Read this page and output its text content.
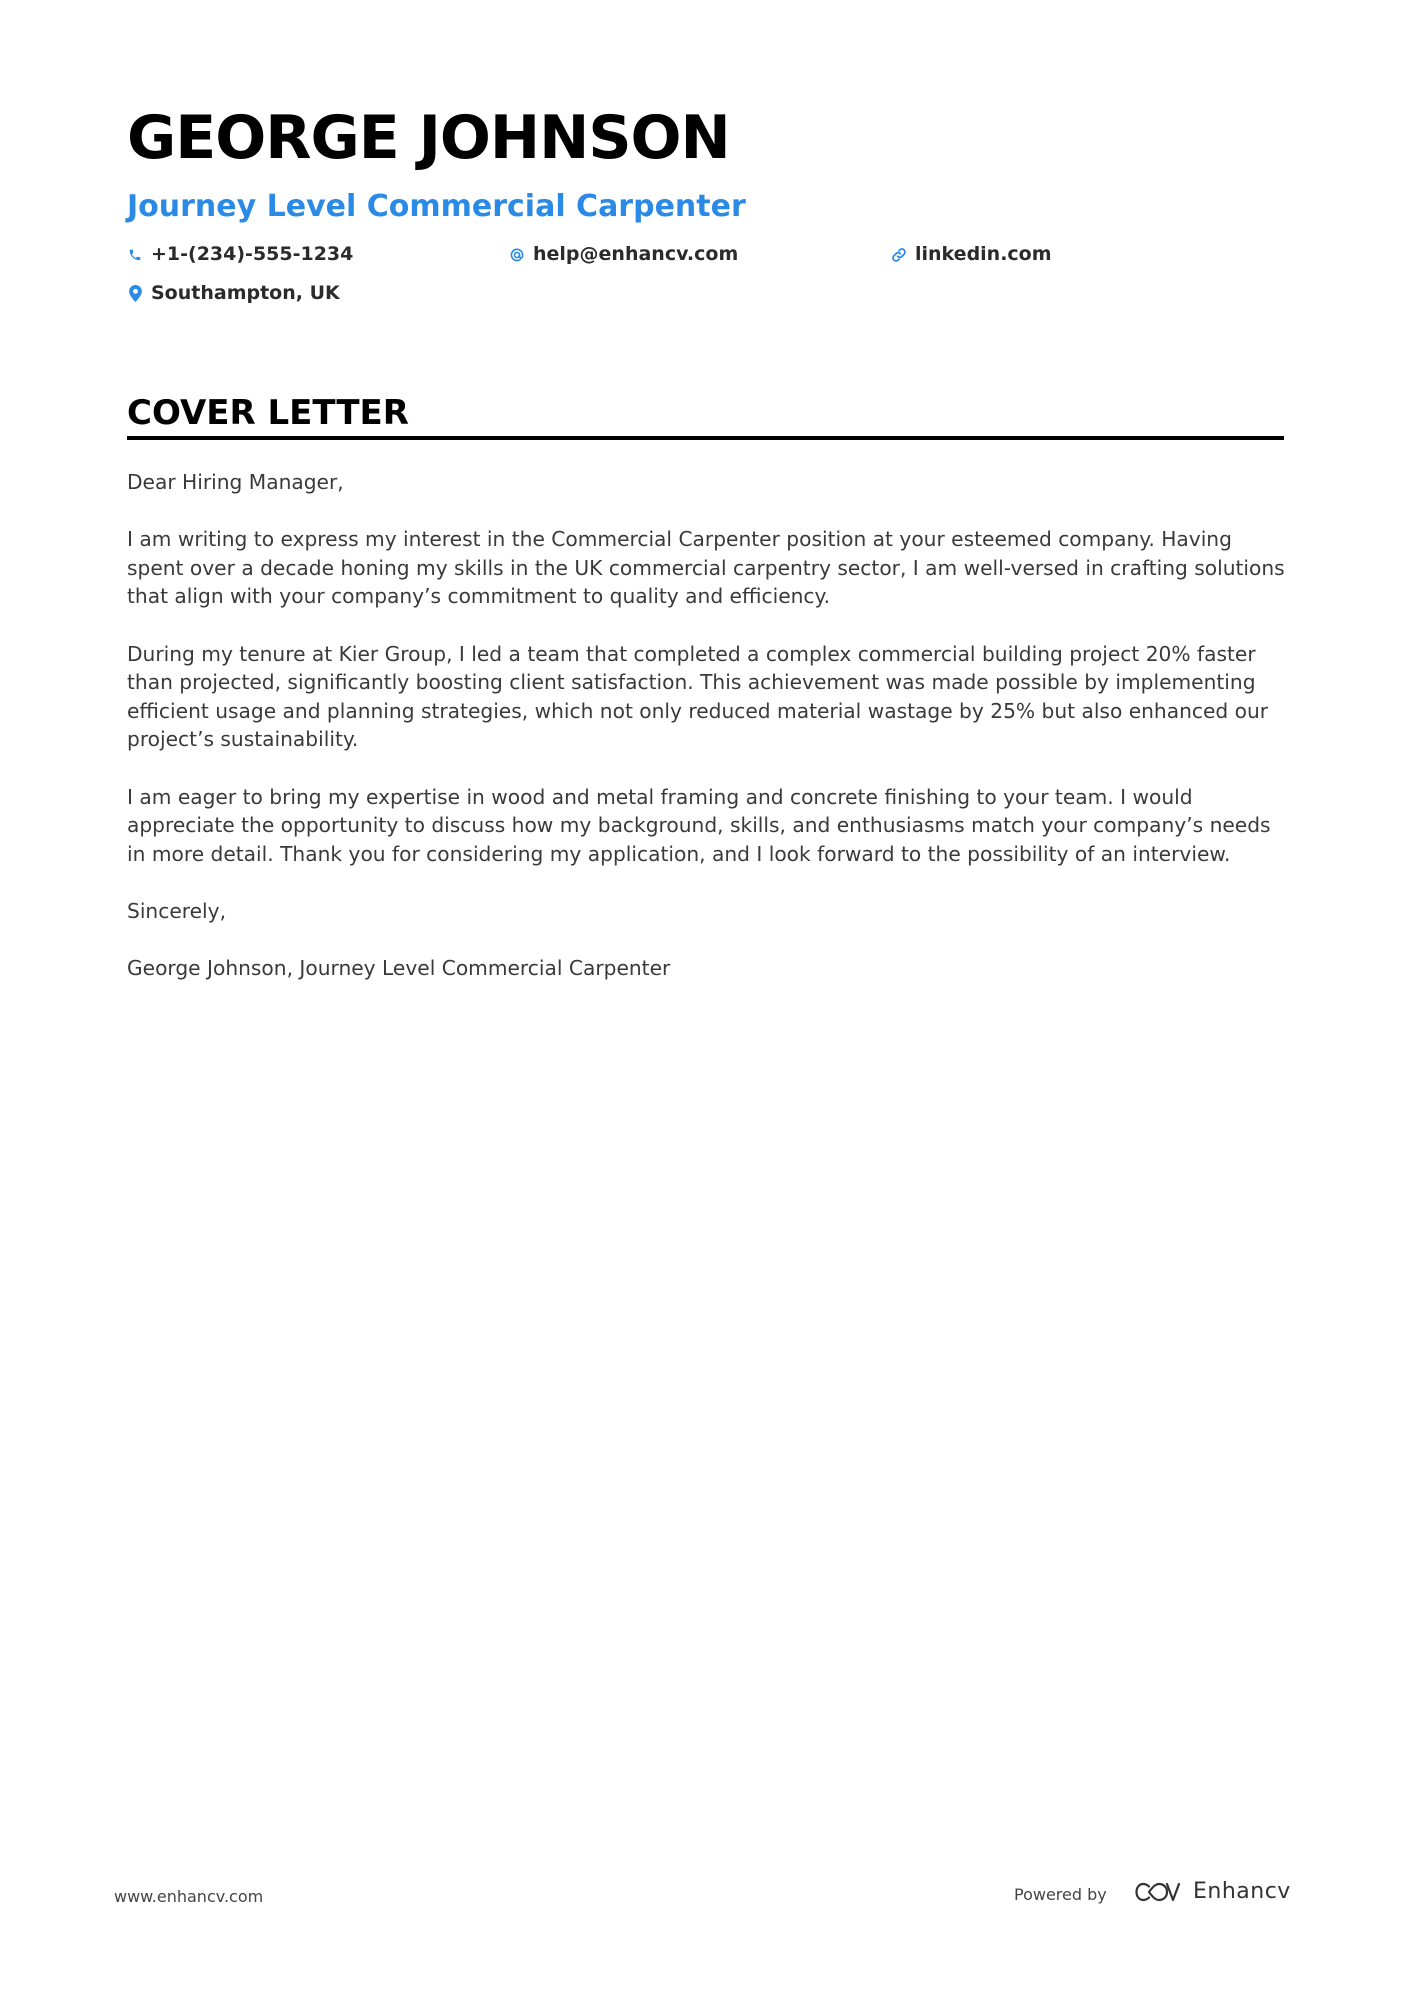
GEORGE JOHNSON
Journey Level Commercial Carpenter
+1-(234)-555-1234	help@enhancv.com	linkedin.com
Southampton, UK
COVER LETTER

Dear Hiring Manager,

I am writing to express my interest in the Commercial Carpenter position at your esteemed company. Having spent over a decade honing my skills in the UK commercial carpentry sector, I am well-versed in crafting solutions that align with your company’s commitment to quality and efficiency.

During my tenure at Kier Group, I led a team that completed a complex commercial building project 20% faster than projected, significantly boosting client satisfaction. This achievement was made possible by implementing efficient usage and planning strategies, which not only reduced material wastage by 25% but also enhanced our project’s sustainability.

I am eager to bring my expertise in wood and metal framing and concrete finishing to your team. I would appreciate the opportunity to discuss how my background, skills, and enthusiasms match your company’s needs in more detail. Thank you for considering my application, and I look forward to the possibility of an interview.

Sincerely,

George Johnson, Journey Level Commercial Carpenter

www.enhancv.com	Powered by	Enhancv
